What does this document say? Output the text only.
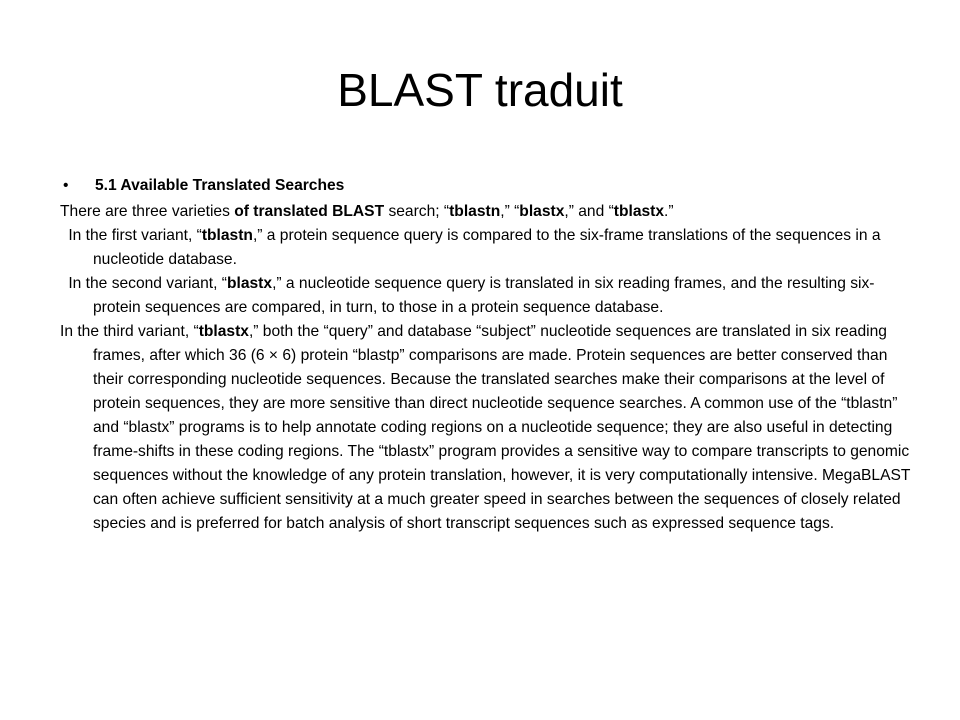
BLAST traduit
•	5.1 Available Translated Searches

There are three varieties of translated BLAST search; “tblastn,” “blastx,” and “tblastx.”

In the first variant, “tblastn,” a protein sequence query is compared to the six-frame translations of the sequences in a nucleotide database.

In the second variant, “blastx,” a nucleotide sequence query is translated in six reading frames, and the resulting six-protein sequences are compared, in turn, to those in a protein sequence database.

In the third variant, “tblastx,” both the “query” and database “subject” nucleotide sequences are translated in six reading frames, after which 36 (6 × 6) protein “blastp” comparisons are made. Protein sequences are better conserved than their corresponding nucleotide sequences. Because the translated searches make their comparisons at the level of protein sequences, they are more sensitive than direct nucleotide sequence searches. A common use of the “tblastn” and “blastx” programs is to help annotate coding regions on a nucleotide sequence; they are also useful in detecting frame-shifts in these coding regions. The “tblastx” program provides a sensitive way to compare transcripts to genomic sequences without the knowledge of any protein translation, however, it is very computationally intensive. MegaBLAST can often achieve sufficient sensitivity at a much greater speed in searches between the sequences of closely related species and is preferred for batch analysis of short transcript sequences such as expressed sequence tags.
